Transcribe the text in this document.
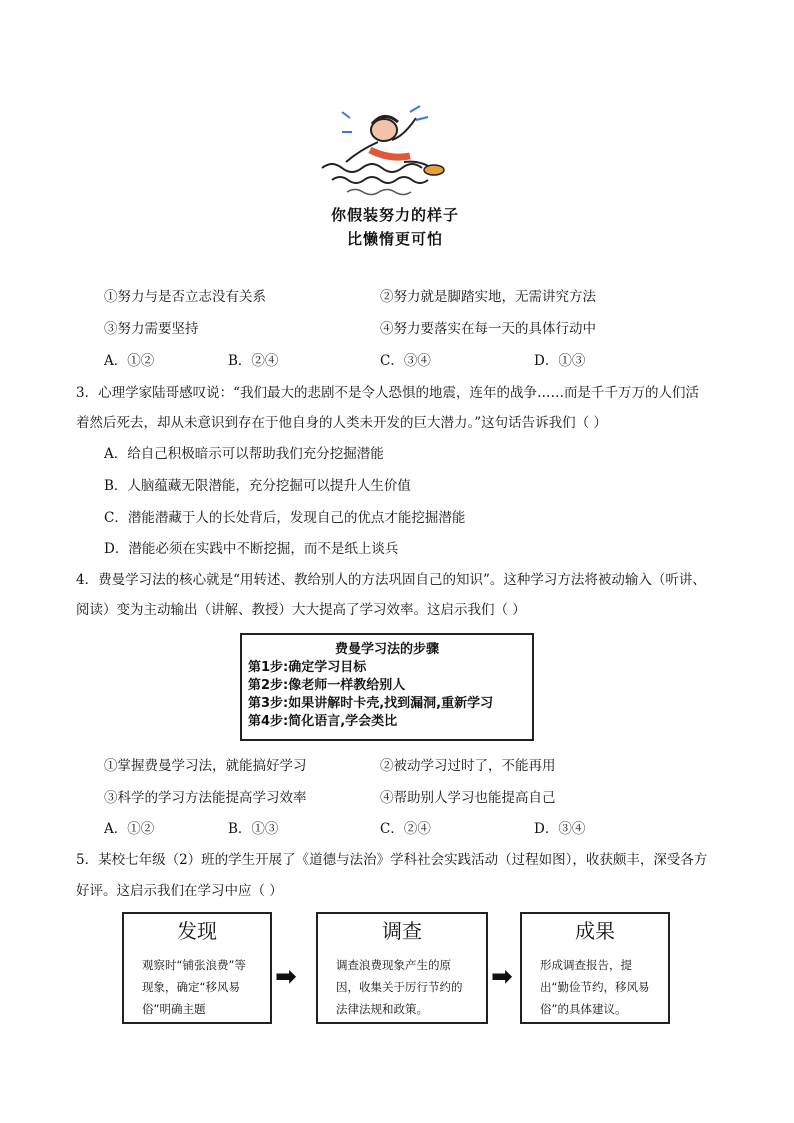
你假装努力的样子
比懒惰更可怕
①努力与是否立志没有关系	②努力就是脚踏实地，无需讲究方法
③努力需要坚持	④努力要落实在每一天的具体行动中
A．①②	B．②④	C．③④	D．①③
3．心理学家陆哥感叹说：“我们最大的悲剧不是令人恐惧的地震，连年的战争……而是千千万万的人们活
着然后死去，却从未意识到存在于他自身的人类未开发的巨大潜力。”这句话告诉我们（ ）
A．给自己积极暗示可以帮助我们充分挖掘潜能
B．人脑蕴藏无限潜能，充分挖掘可以提升人生价值
C．潜能潜藏于人的长处背后，发现自己的优点才能挖掘潜能
D．潜能必须在实践中不断挖掘，而不是纸上谈兵
4．费曼学习法的核心就是“用转述、教给别人的方法巩固自己的知识”。这种学习方法将被动输入（听讲、
阅读）变为主动输出（讲解、教授）大大提高了学习效率。这启示我们（ ）
费曼学习法的步骤
第1步:确定学习目标
第2步:像老师一样教给别人
第3步:如果讲解时卡壳,找到漏洞,重新学习
第4步:简化语言,学会类比
①掌握费曼学习法，就能搞好学习	②被动学习过时了，不能再用
③科学的学习方法能提高学习效率	④帮助别人学习也能提高自己
A．①②	B．①③	C．②④	D．③④
5．某校七年级（2）班的学生开展了《道德与法治》学科社会实践活动（过程如图），收获颇丰，深受各方
好评。这启示我们在学习中应（ ）
发现
观察时“铺张浪费”等现象，确定“移风易俗”明确主题
➡
调查
调查浪费现象产生的原因，收集关于厉行节约的法律法规和政策。
➡
成果
形成调查报告，提出“勤俭节约，移风易俗”的具体建议。
